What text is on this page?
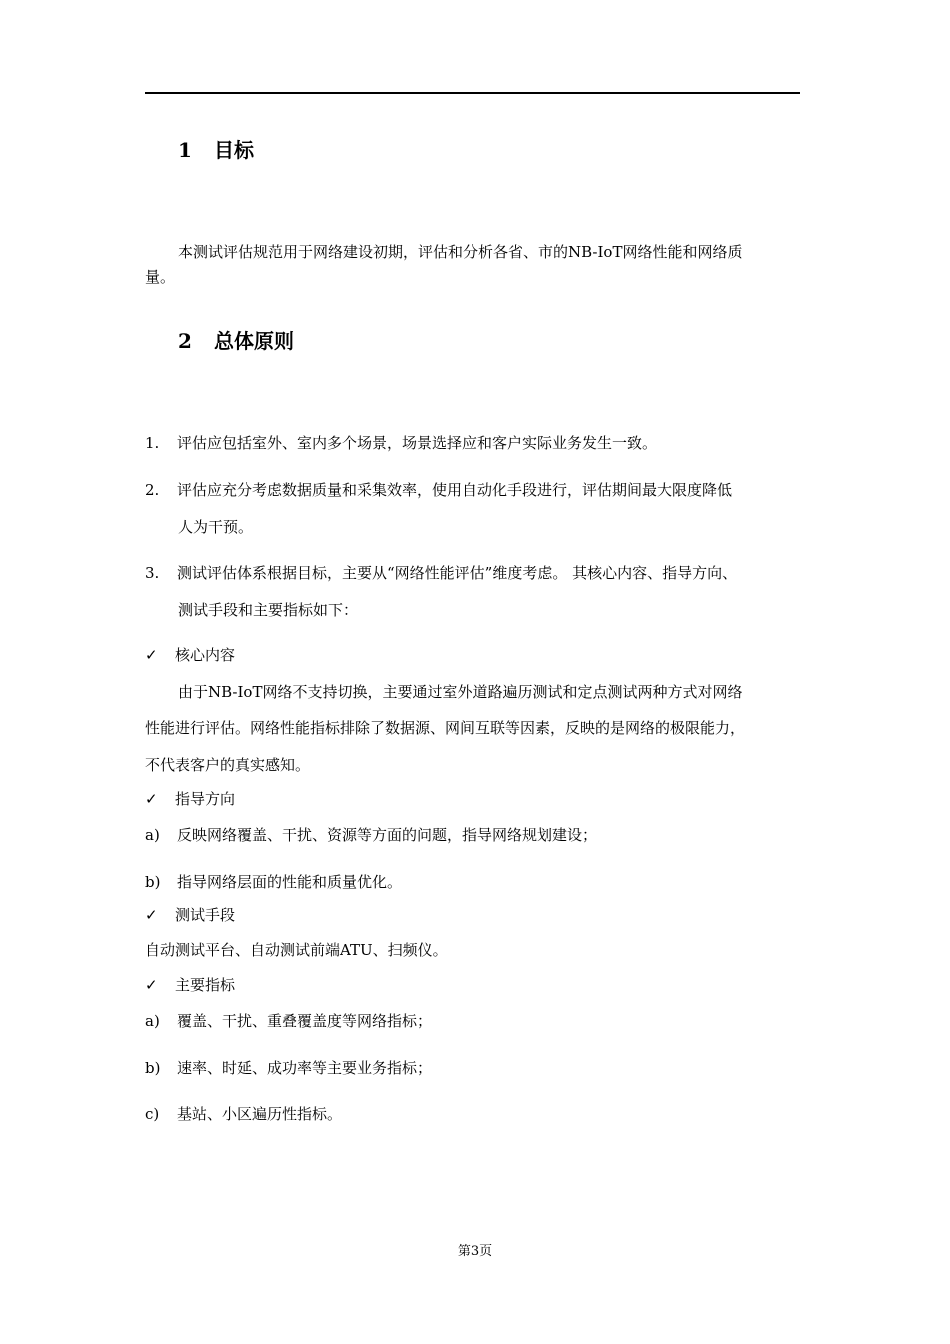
1 目标
本测试评估规范用于网络建设初期，评估和分析各省、市的NB-IoT网络性能和网络质
量。
2 总体原则
1. 评估应包括室外、室内多个场景，场景选择应和客户实际业务发生一致。
2. 评估应充分考虑数据质量和采集效率，使用自动化手段进行，评估期间最大限度降低
人为干预。
3. 测试评估体系根据目标，主要从“网络性能评估”维度考虑。 其核心内容、指导方向、
测试手段和主要指标如下：
✓ 核心内容
由于NB-IoT网络不支持切换，主要通过室外道路遍历测试和定点测试两种方式对网络
性能进行评估。网络性能指标排除了数据源、网间互联等因素，反映的是网络的极限能力，
不代表客户的真实感知。
✓ 指导方向
a) 反映网络覆盖、干扰、资源等方面的问题，指导网络规划建设；
b) 指导网络层面的性能和质量优化。
✓ 测试手段
自动测试平台、自动测试前端ATU、扫频仪。
✓ 主要指标
a) 覆盖、干扰、重叠覆盖度等网络指标；
b) 速率、时延、成功率等主要业务指标；
c) 基站、小区遍历性指标。
第3页
